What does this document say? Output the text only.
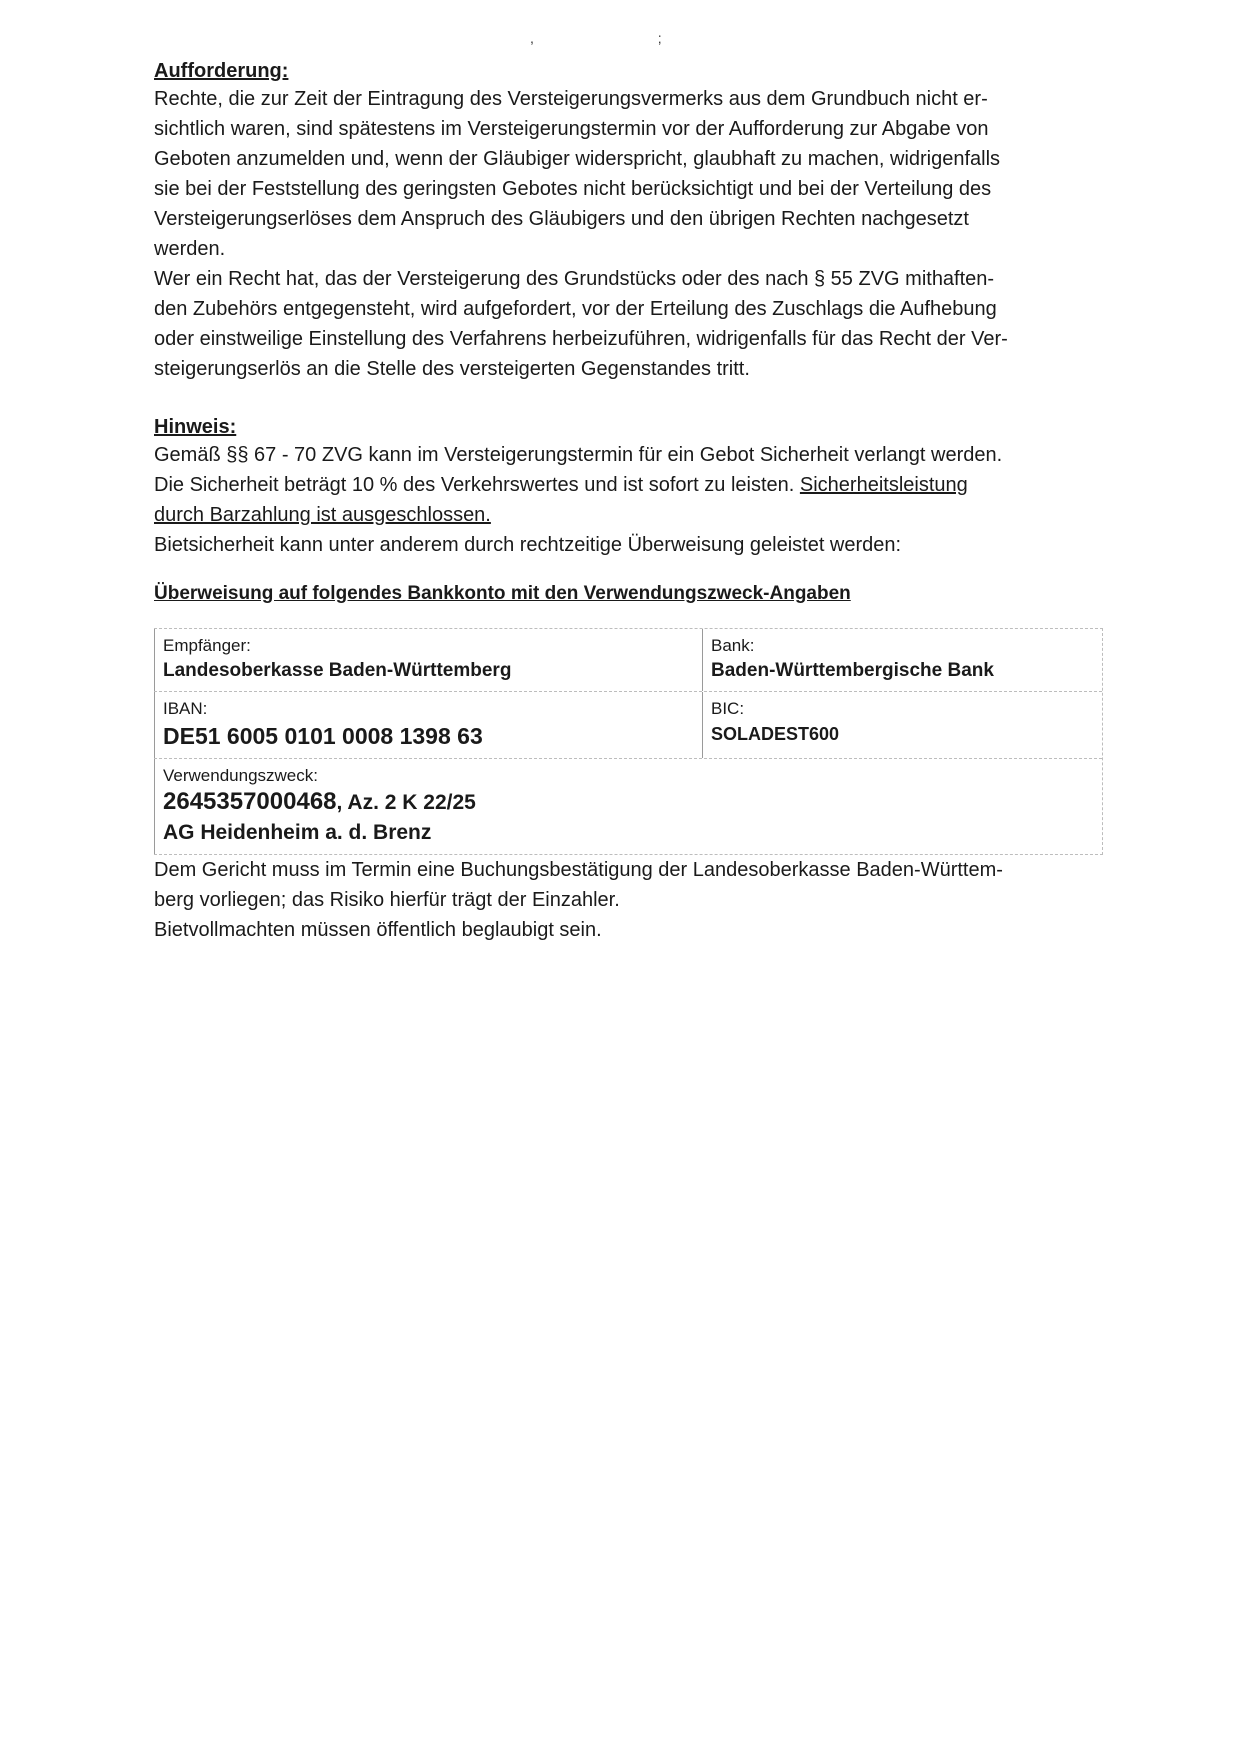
, ;

Aufforderung:

Rechte, die zur Zeit der Eintragung des Versteigerungsvermerks aus dem Grundbuch nicht er-

sichtlich waren, sind spätestens im Versteigerungstermin vor der Aufforderung zur Abgabe von

Geboten anzumelden und, wenn der Gläubiger widerspricht, glaubhaft zu machen, widrigenfalls

sie bei der Feststellung des geringsten Gebotes nicht berücksichtigt und bei der Verteilung des

Versteigerungserlöses dem Anspruch des Gläubigers und den übrigen Rechten nachgesetzt

werden.

Wer ein Recht hat, das der Versteigerung des Grundstücks oder des nach § 55 ZVG mithaften-

den Zubehörs entgegensteht, wird aufgefordert, vor der Erteilung des Zuschlags die Aufhebung

oder einstweilige Einstellung des Verfahrens herbeizuführen, widrigenfalls für das Recht der Ver-

steigerungserlös an die Stelle des versteigerten Gegenstandes tritt.

Hinweis:

Gemäß §§ 67 - 70 ZVG kann im Versteigerungstermin für ein Gebot Sicherheit verlangt werden.

Die Sicherheit beträgt 10 % des Verkehrswertes und ist sofort zu leisten. Sicherheitsleistung

durch Barzahlung ist ausgeschlossen.

Bietsicherheit kann unter anderem durch rechtzeitige Überweisung geleistet werden:

Überweisung auf folgendes Bankkonto mit den Verwendungszweck-Angaben

Empfänger:
Landesoberkasse Baden-Württemberg
Bank:
Baden-Württembergische Bank
IBAN:
DE51 6005 0101 0008 1398 63
BIC:
SOLADEST600
Verwendungszweck:
2645357000468, Az. 2 K 22/25
AG Heidenheim a. d. Brenz

Dem Gericht muss im Termin eine Buchungsbestätigung der Landesoberkasse Baden-Württem-

berg vorliegen; das Risiko hierfür trägt der Einzahler.

Bietvollmachten müssen öffentlich beglaubigt sein.
